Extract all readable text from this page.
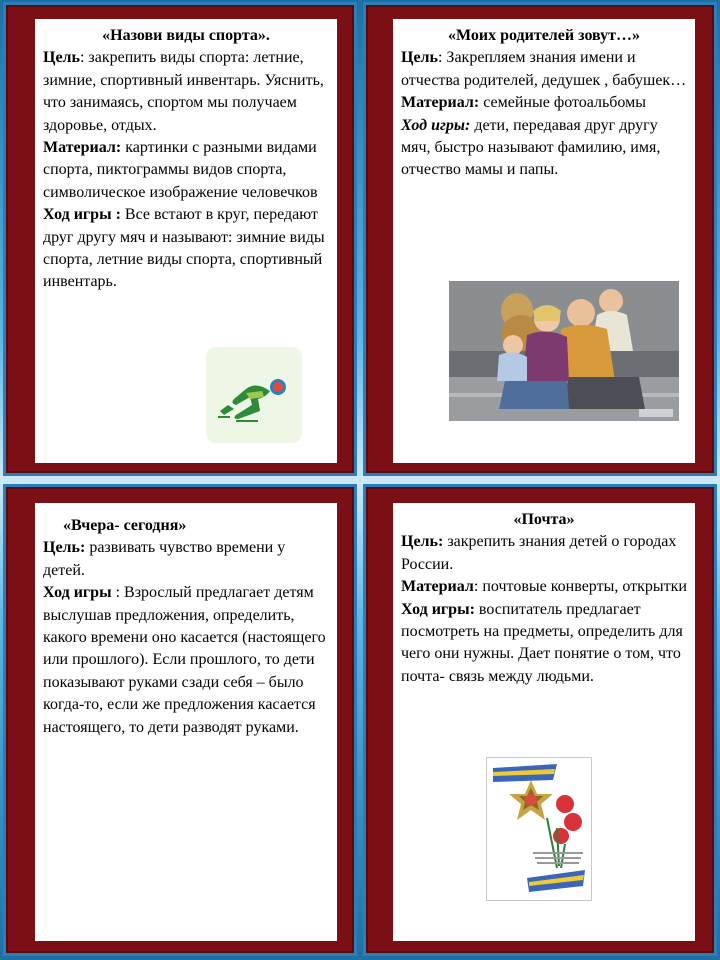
«Назови виды спорта».

Цель: закрепить виды спорта: летние, зимние, спортивный инвентарь. Уяснить, что занимаясь, спортом мы получаем здоровье, отдых.

Материал: картинки с разными видами спорта, пиктограммы видов спорта, символическое изображение человечков

Ход игры : Все встают в круг, передают друг другу мяч и называют: зимние виды спорта, летние виды спорта, спортивный инвентарь.

«Моих родителей зовут…»

Цель: Закрепляем знания имени и отчества родителей, дедушек , бабушек…

Материал: семейные фотоальбомы

Ход игры: дети, передавая друг другу мяч, быстро называют фамилию, имя, отчество мамы и папы.

«Вчера- сегодня»

Цель: развивать чувство времени у детей.

Ход игры : Взрослый предлагает детям выслушав предложения, определить, какого времени оно касается (настоящего или прошлого). Если прошлого, то дети показывают руками сзади себя – было когда-то, если же предложения касается настоящего, то дети разводят руками.

«Почта»

Цель: закрепить знания детей о городах России.

Материал: почтовые конверты, открытки

Ход игры: воспитатель предлагает посмотреть на предметы, определить для чего они нужны. Дает понятие о том, что почта- связь между людьми.
